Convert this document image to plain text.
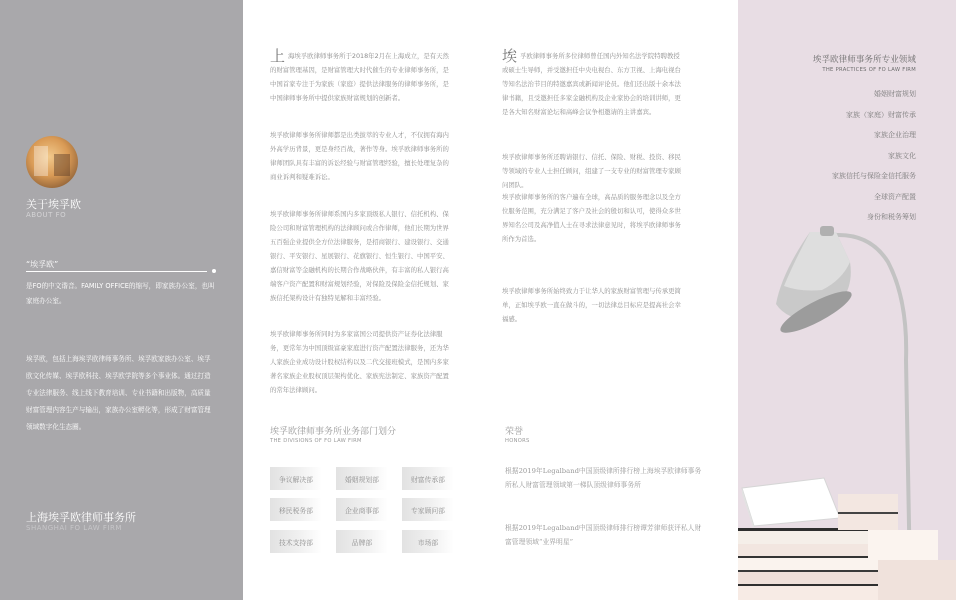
关于埃孚欧
ABOUT FO
“埃孚欧”
是FO的中文谐音。FAMILY OFFICE的缩写，即家族办公室，也叫家庭办公室。
埃孚欧，包括上海埃孚欧律师事务所、埃孚欧家族办公室、埃孚欧文化传媒、埃孚欧科技、埃孚欧学院等多个事业体。通过打造专业法律服务、线上线下教育培训、专业书籍和出版物，高质量财富管理内容生产与输出，家族办公室孵化等，形成了财富管理领域数字化生态圈。
上海埃孚欧律师事务所
SHANGHAI FO LAW FIRM
上海埃孚欧律师事务所于2018年2月在上海成立，是有天然的财富管理基因，是财富管理大时代催生的专业律师事务所，是中国首家专注于为家族（家庭）提供法律服务的律师事务所，是中国律师事务所中提供家族财富规划的创新者。
埃孚欧律师事务所律师都是出类拔萃的专业人才，不仅拥有海内外高学历背景，更是身经百战，著作等身。埃孚欧律师事务所的律师团队具有丰富的诉讼经验与财富管理经验，擅长处理复杂的商业诉判和疑难诉讼。
埃孚欧律师事务所律师系国内多家顶级私人银行、信托机构、保险公司和财富管理机构的法律顾问或合作律师，他们长期为世界五百强企业提供全方位法律服务，是招商银行、建设银行、交通银行、平安银行、星展银行、花旗银行、恒生银行、中国平安、嘉信财富等金融机构的长期合作战略伙伴，有丰富的私人银行高端客户资产配置和财富规划经验，对保险及保险金信托规划、家族信托架构设计有独特见解和丰富经验。
埃孚欧律师事务所同时为多家富国公司提供资产证券化法律服务，更常年为中国顶级富豪家庭进行资产配置法律服务，还为华人家族企业成功设计股权结构以及二代交接班模式，是国内多家著名家族企业股权顶层架构优化、家族宪法制定、家族资产配置的常年法律顾问。
埃孚欧律师事务所多位律师曾任国内外知名法学院特聘教授或硕士生导师，并受邀担任中央电视台、东方卫视、上海电视台等知名法治节目的特邀嘉宾或新闻评论员。他们还出版十余本法律书籍，且受邀担任多家金融机构及企业家协会的培训讲师，更是各大知名财富论坛和高峰会议争相邀请的主讲嘉宾。
埃孚欧律师事务所还聘请银行、信托、保险、财税、投资、移民等领域的专业人士担任顾问，组建了一支专业的财富管理专家顾问团队。
埃孚欧律师事务所的客户遍布全球，高品质的服务理念以及全方位服务范围，充分满足了客户及社会的殷切和认可，使得众多世界知名公司及高净值人士在寻求法律意见时，将埃孚欧律师事务所作为首选。
埃孚欧律师事务所始终致力于让华人的家族财富管理与传承更简单，正如埃孚欧一直在做斗的，一切法律总目标应是提高社会幸福感。
埃孚欧律师事务所业务部门划分
THE DIVISIONS OF FO LAW FIRM
争议解决部	婚姻规划部	财富传承部
移民税务部	企业商事部	专家顾问部
技术支持部	品牌部	市场部
荣誉
HONORS
根据2019年Legalband中国顶级律所排行榜上海埃孚欧律师事务所私人财富管理领域第一梯队顶级律师事务所
根据2019年Legalband中国顶级律师排行榜谭芳律师获评私人财富管理领域“业界明星”
埃孚欧律师事务所专业领域
THE PRACTICES OF FO LAW FIRM
婚姻财富规划
家族（家庭）财富传承
家族企业治理
家族文化
家族信托与保险金信托服务
全球资产配置
身份和税务筹划
